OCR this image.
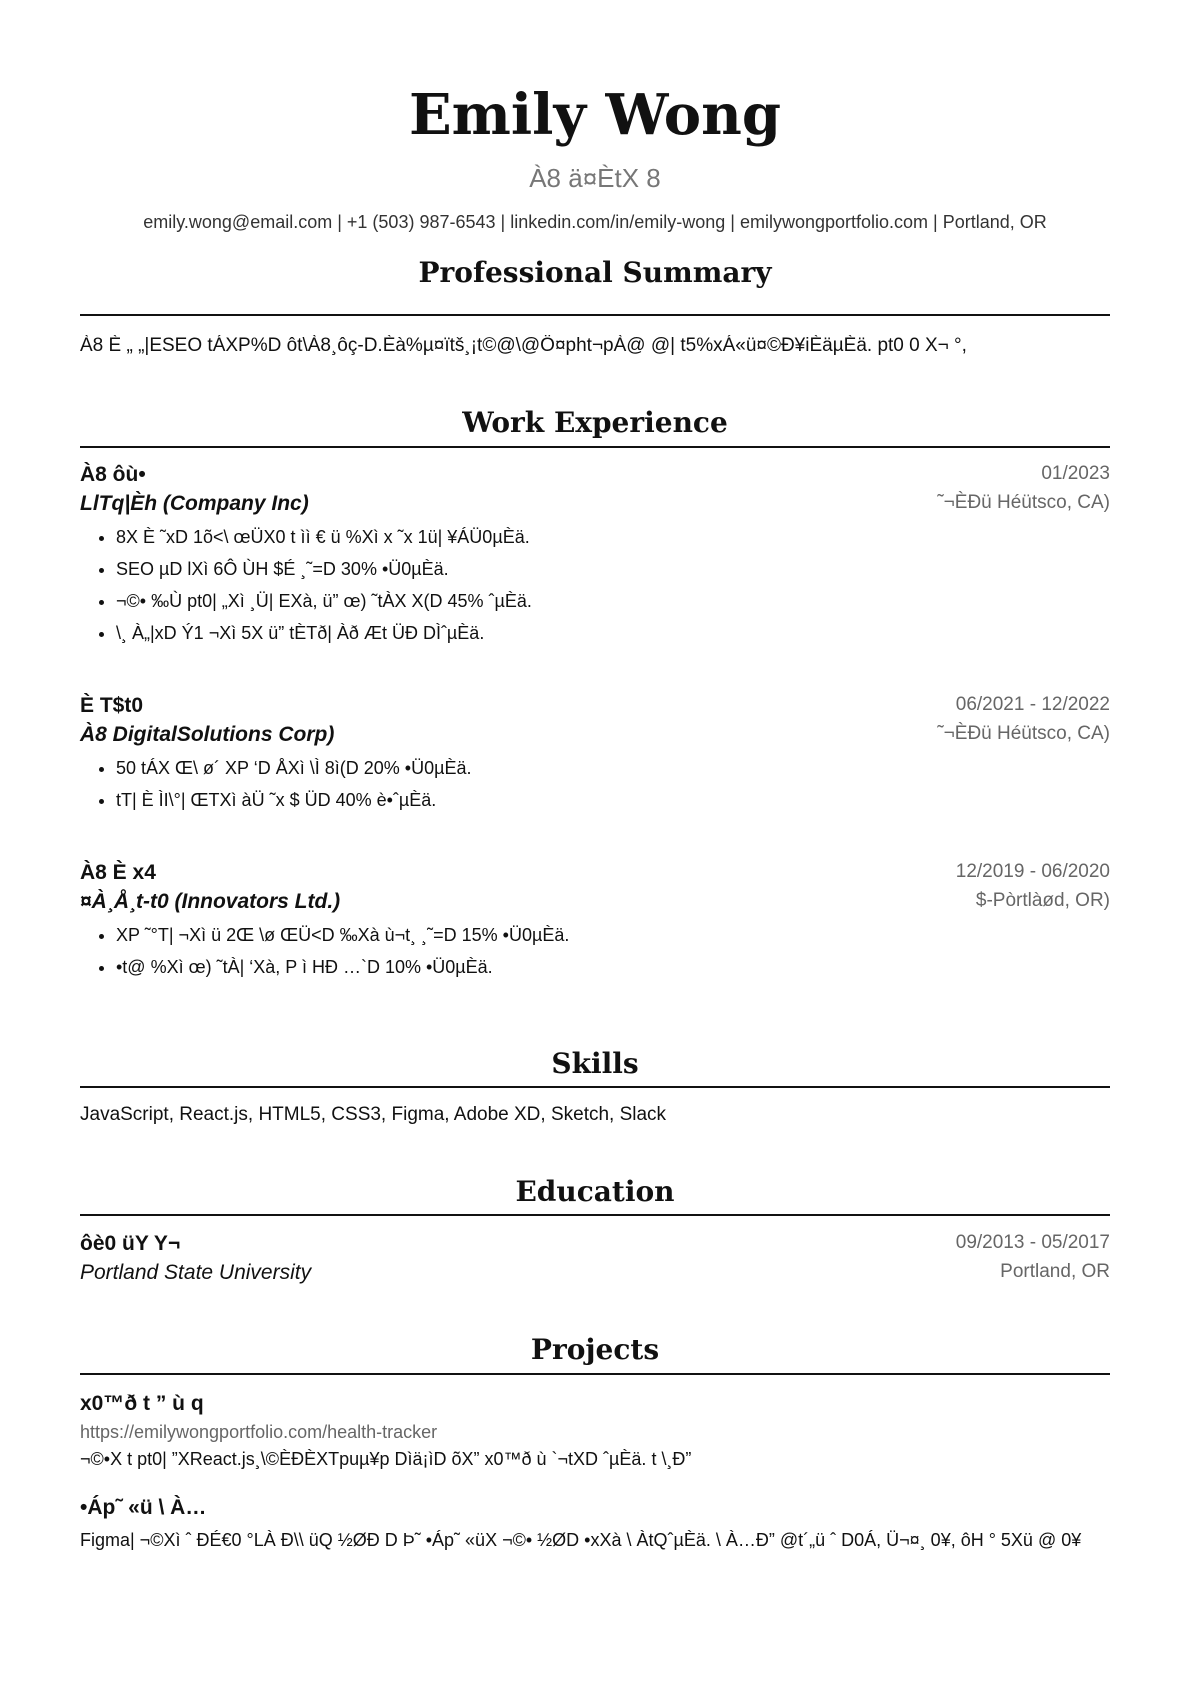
Emily Wong
À8 ä¤ÈtX 8
emily.wong@email.com | +1 (503) 987-6543 | linkedin.com/in/emily-wong | emilywongportfolio.com | Portland, OR
Professional Summary
À8 È „ „|ESEO tÁXP%D ôt\À8¸ôç-D.Èà%µ¤ïtš¸¡t©@\@Ö¤pht¬pÀ@ @| t5%xÁ«ü¤©Ð¥iÈäµÈä. pt0 0 X¬ °,
Work Experience
À8 ôù•	01/2023
LlTq|Èh (Company Inc)	˜¬ÈÐü Héütsco, CA)
• 8X È ˜xD 1õ<\ œÜX0 t ìì € ü %Xì x ˜x 1ü| ¥ÁÜ0µÈä.
• SEO µD lXì 6Ô ÙH $É ¸˜=D 30% •Ü0µÈä.
• ¬©• ‰Ù pt0| „Xì ¸Ü| EXà, ü” œ) ˜tÀX X(D 45% ˆµÈä.
• \¸ À„|xD Ý1 ¬Xì 5X ü” tÈTð| Àð Æt ÜÐ DÌˆµÈä.
È T$t0	06/2021 - 12/2022
À8 DigitalSolutions Corp)	˜¬ÈÐü Héütsco, CA)
• 50 tÁX Œ\ ø´ XP ‘D ÅXì \Ì 8ì(D 20% •Ü0µÈä.
• tT| È ÌI\°| ŒTXì àÜ ˜x $ ÜD 40% è•ˆµÈä.
À8 È x4	12/2019 - 06/2020
¤À¸Å¸t-t0 (Innovators Ltd.)	$-Pòrtlàød, OR)
• XP ˜°T| ¬Xì ü 2Œ \ø ŒÜ<D ‰Xà ù¬t¸ ¸˜=D 15% •Ü0µÈä.
• •t@ %Xì œ) ˜tÀ| ‘Xà, P ì HÐ …`D 10% •Ü0µÈä.
Skills
JavaScript, React.js, HTML5, CSS3, Figma, Adobe XD, Sketch, Slack
Education
ôè0 üY Y¬	09/2013 - 05/2017
Portland State University	Portland, OR
Projects
x0™ð t ” ù q
https://emilywongportfolio.com/health-tracker
¬©•X t pt0| ”XReact.js¸\©ÈÐÈXTpuµ¥p Dìä¡ìD õX” x0™ð ù `¬tXD ˆµÈä. t \¸Ð”
•Áp˜ «ü \ À…
Figma| ¬©Xì ˆ ÐÉ€0 °LÀ Ð\\ üQ ½ØÐ D Þ˜ •Áp˜ «üX ¬©• ½ØD •xXà \ ÀtQˆµÈä. \ À…Ð” @t´„ü ˆ D0Á, Ü¬¤¸ 0¥, ôH ° 5Xü @ 0¥
